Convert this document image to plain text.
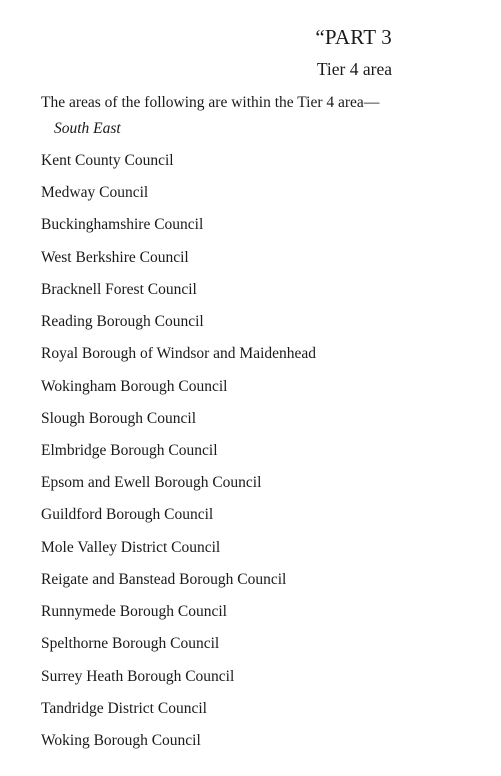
“PART 3
Tier 4 area
The areas of the following are within the Tier 4 area—
South East
Kent County Council
Medway Council
Buckinghamshire Council
West Berkshire Council
Bracknell Forest Council
Reading Borough Council
Royal Borough of Windsor and Maidenhead
Wokingham Borough Council
Slough Borough Council
Elmbridge Borough Council
Epsom and Ewell Borough Council
Guildford Borough Council
Mole Valley District Council
Reigate and Banstead Borough Council
Runnymede Borough Council
Spelthorne Borough Council
Surrey Heath Borough Council
Tandridge District Council
Woking Borough Council
